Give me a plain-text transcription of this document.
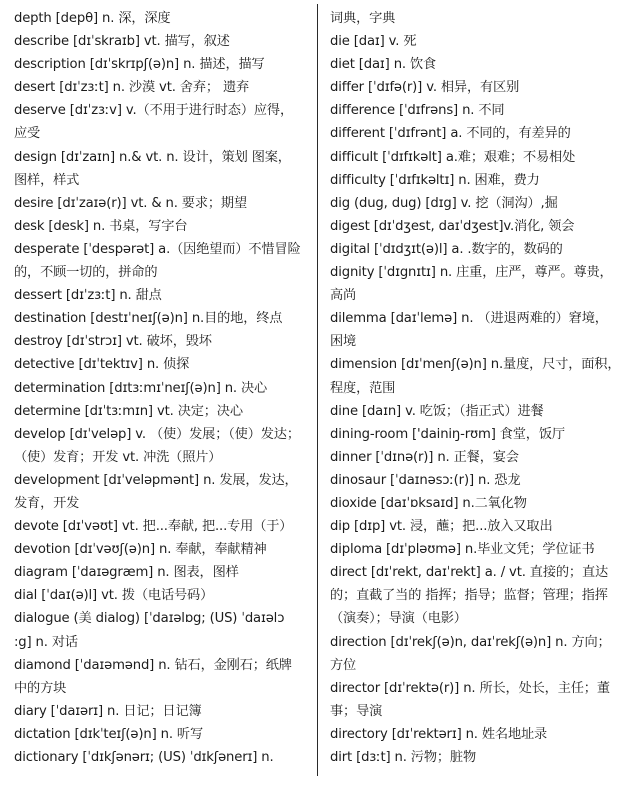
depth [depθ] n. 深，深度
describe [dɪˈskraɪb] vt. 描写，叙述
description [dɪˈskrɪpʃ(ə)n] n. 描述，描写
desert [dɪˈzɜːt] n. 沙漠 vt. 舍弃； 遗弃
deserve [dɪˈzɜːv] v.（不用于进行时态）应得，
应受
design [dɪˈzaɪn] n.& vt. n. 设计，策划 图案，
图样，样式
desire [dɪˈzaɪə(r)] vt. & n. 要求；期望
desk [desk] n. 书桌，写字台
desperate [ˈdespərət] a.（因绝望而）不惜冒险
的，不顾一切的，拼命的
dessert [dɪˈzɜːt] n. 甜点
destination [destɪˈneɪʃ(ə)n] n.目的地，终点
destroy [dɪˈstrɔɪ] vt. 破坏，毁坏
detective [dɪˈtektɪv] n. 侦探
determination [dɪtɜːmɪˈneɪʃ(ə)n] n. 决心
determine [dɪˈtɜːmɪn] vt. 决定；决心
develop [dɪˈveləp] v. （使）发展；（使）发达；
（使）发育；开发 vt. 冲洗（照片）
development [dɪˈveləpmənt] n. 发展，发达，
发育，开发
devote [dɪˈvəʊt] vt. 把...奉献, 把...专用（于）
devotion [dɪˈvəʊʃ(ə)n] n. 奉献，奉献精神
diagram [ˈdaɪəgræm] n. 图表，图样
dial [ˈdaɪ(ə)l] vt. 拨（电话号码）
dialogue (美 dialog) [ˈdaɪəlɒg; (US) ˈdaɪəlɔ
:g] n. 对话
diamond [ˈdaɪəmənd] n. 钻石，金刚石；纸牌
中的方块
diary [ˈdaɪərɪ] n. 日记；日记簿
dictation [dɪkˈteɪʃ(ə)n] n. 听写
dictionary [ˈdɪkʃənərɪ; (US) ˈdɪkʃənerɪ] n.
词典，字典
die [daɪ] v. 死
diet [daɪ] n. 饮食
differ [ˈdɪfə(r)] v. 相异，有区别
difference [ˈdɪfrəns] n. 不同
different [ˈdɪfrənt] a. 不同的，有差异的
difficult [ˈdɪfɪkəlt] a.难；艰难；不易相处
difficulty [ˈdɪfɪkəltɪ] n. 困难，费力
dig (dug, dug) [dɪg] v. 挖（洞沟）,掘
digest [dɪˈdʒest, daɪˈdʒest]v.消化, 领会
digital [ˈdɪdʒɪt(ə)l] a. .数字的，数码的
dignity [ˈdɪgnɪtɪ] n. 庄重，庄严，尊严。尊贵，
高尚
dilemma [daɪˈlemə] n. （进退两难的）窘境，
困境
dimension [dɪˈmenʃ(ə)n] n.量度，尺寸，面积，
程度，范围
dine [daɪn] v. 吃饭；（指正式）进餐
dining-room ['dainiŋ-rʊm] 食堂，饭厅
dinner [ˈdɪnə(r)] n. 正餐，宴会
dinosaur [ˈdaɪnəsɔː(r)] n. 恐龙
dioxide [daɪˈɒksaɪd] n.二氧化物
dip [dɪp] vt. 浸，蘸；把...放入又取出
diploma [dɪˈpləʊmə] n.毕业文凭；学位证书
direct [dɪˈrekt, daɪˈrekt] a. / vt. 直接的；直达
的；直截了当的 指挥；指导；监督；管理；指挥
（演奏）；导演（电影）
direction [dɪˈrekʃ(ə)n, daɪˈrekʃ(ə)n] n. 方向；
方位
director [dɪˈrektə(r)] n. 所长，处长，主任；董
事；导演
directory [dɪˈrektərɪ] n. 姓名地址录
dirt [dɜːt] n. 污物；脏物
